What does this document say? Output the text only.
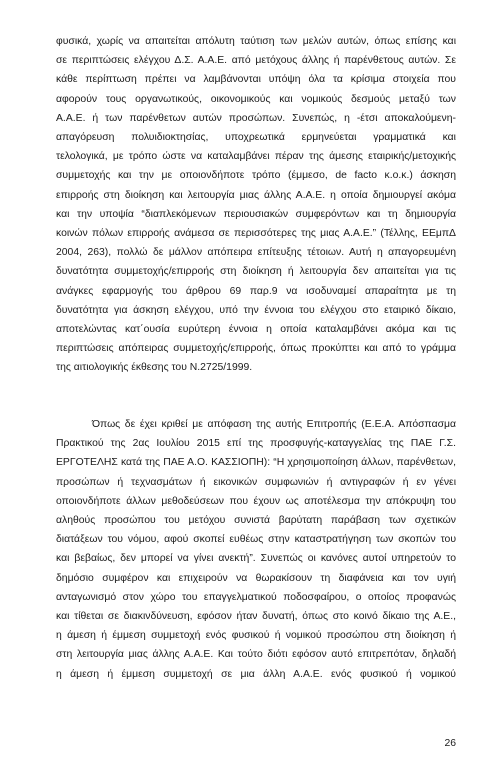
φυσικά, χωρίς να απαιτείται απόλυτη ταύτιση των μελών αυτών, όπως επίσης και
σε περιπτώσεις ελέγχου Δ.Σ. Α.Α.Ε. από μετόχους άλλης ή παρένθετους αυτών. Σε
κάθε περίπτωση πρέπει να λαμβάνονται υπόψη όλα τα κρίσιμα στοιχεία που
αφορούν τους οργανωτικούς, οικονομικούς και νομικούς δεσμούς μεταξύ των
Α.Α.Ε. ή των παρένθετων αυτών προσώπων. Συνεπώς, η -έτσι αποκαλούμενη-
απαγόρευση πολυιδιοκτησίας, υποχρεωτικά ερμηνεύεται γραμματικά και
τελολογικά, με τρόπο ώστε να καταλαμβάνει πέραν της άμεσης εταιρικής/μετοχικής
συμμετοχής και την με οποιονδήποτε τρόπο (έμμεσο, de facto κ.ο.κ.) άσκηση
επιρροής στη διοίκηση και λειτουργία μιας άλλης Α.Α.Ε. η οποία δημιουργεί ακόμα
και την υποψία “διαπλεκόμενων περιουσιακών συμφερόντων και τη δημιουργία
κοινών πόλων επιρροής ανάμεσα σε περισσότερες της μιας Α.Α.Ε.” (Τέλλης, ΕΕμπΔ
2004, 263), πολλώ δε μάλλον απόπειρα επίτευξης τέτοιων. Αυτή η απαγορευμένη
δυνατότητα συμμετοχής/επιρροής στη διοίκηση ή λειτουργία δεν απαιτείται για τις
ανάγκες εφαρμογής του άρθρου 69 παρ.9 να ισοδυναμεί απαραίτητα με τη
δυνατότητα για άσκηση ελέγχου, υπό την έννοια του ελέγχου στο εταιρικό δίκαιο,
αποτελώντας κατ΄ουσία ευρύτερη έννοια η οποία καταλαμβάνει ακόμα και τις
περιπτώσεις απόπειρας συμμετοχής/επιρροής, όπως προκύπτει και από το γράμμα
της αιτιολογικής έκθεσης του Ν.2725/1999.
Όπως δε έχει κριθεί με απόφαση της αυτής Επιτροπής (Ε.Ε.Α. Απόσπασμα
Πρακτικού της 2ας Ιουλίου 2015 επί της προσφυγής-καταγγελίας της ΠΑΕ Γ.Σ.
ΕΡΓΟΤΕΛΗΣ κατά της ΠΑΕ Α.Ο. ΚΑΣΣΙΟΠΗ): “Η χρησιμοποίηση άλλων, παρένθετων,
προσώπων ή τεχνασμάτων ή εικονικών συμφωνιών ή αντιγραφών ή εν γένει
οποιονδήποτε άλλων μεθοδεύσεων που έχουν ως αποτέλεσμα την απόκρυψη του
αληθούς προσώπου του μετόχου συνιστά βαρύτατη παράβαση των σχετικών
διατάξεων του νόμου, αφού σκοπεί ευθέως στην καταστρατήγηση των σκοπών του
και βεβαίως, δεν μπορεί να γίνει ανεκτή”. Συνεπώς οι κανόνες αυτοί υπηρετούν το
δημόσιο συμφέρον και επιχειρούν να θωρακίσουν τη διαφάνεια και τον υγιή
ανταγωνισμό στον χώρο του επαγγελματικού ποδοσφαίρου, ο οποίος προφανώς
και τίθεται σε διακινδύνευση, εφόσον ήταν δυνατή, όπως στο κοινό δίκαιο της Α.Ε.,
η άμεση ή έμμεση συμμετοχή ενός φυσικού ή νομικού προσώπου στη διοίκηση ή
στη λειτουργία μιας άλλης Α.Α.Ε. Και τούτο διότι εφόσον αυτό επιτρεπόταν, δηλαδή
η άμεση ή έμμεση συμμετοχή σε μια άλλη Α.Α.Ε. ενός φυσικού ή νομικού
26
